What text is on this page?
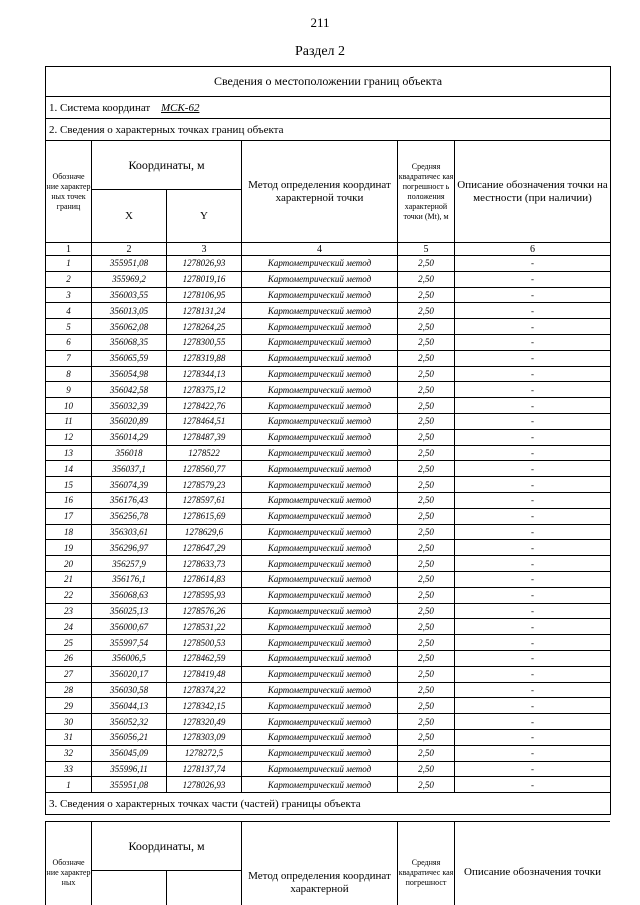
211
Раздел 2
Сведения о местоположении границ объекта					
1. Система координат МСК-62					
2. Сведения о характерных точках границ объекта					
Обозначе ние характер ных точек границ	Координаты, м		Метод определения координат характерной точки	Средняя квадратичес кая погрешност ь положения характерной точки (Mt), м	Описание обозначения точки на местности (при наличии)
	X	Y			
1	2	3	4	5	6
1	355951,08	1278026,93	Картометрический метод	2,50	-
2	355969,2	1278019,16	Картометрический метод	2,50	-
3	356003,55	1278106,95	Картометрический метод	2,50	-
4	356013,05	1278131,24	Картометрический метод	2,50	-
5	356062,08	1278264,25	Картометрический метод	2,50	-
6	356068,35	1278300,55	Картометрический метод	2,50	-
7	356065,59	1278319,88	Картометрический метод	2,50	-
8	356054,98	1278344,13	Картометрический метод	2,50	-
9	356042,58	1278375,12	Картометрический метод	2,50	-
10	356032,39	1278422,76	Картометрический метод	2,50	-
11	356020,89	1278464,51	Картометрический метод	2,50	-
12	356014,29	1278487,39	Картометрический метод	2,50	-
13	356018	1278522	Картометрический метод	2,50	-
14	356037,1	1278560,77	Картометрический метод	2,50	-
15	356074,39	1278579,23	Картометрический метод	2,50	-
16	356176,43	1278597,61	Картометрический метод	2,50	-
17	356256,78	1278615,69	Картометрический метод	2,50	-
18	356303,61	1278629,6	Картометрический метод	2,50	-
19	356296,97	1278647,29	Картометрический метод	2,50	-
20	356257,9	1278633,73	Картометрический метод	2,50	-
21	356176,1	1278614,83	Картометрический метод	2,50	-
22	356068,63	1278595,93	Картометрический метод	2,50	-
23	356025,13	1278576,26	Картометрический метод	2,50	-
24	356000,67	1278531,22	Картометрический метод	2,50	-
25	355997,54	1278500,53	Картометрический метод	2,50	-
26	356006,5	1278462,59	Картометрический метод	2,50	-
27	356020,17	1278419,48	Картометрический метод	2,50	-
28	356030,58	1278374,22	Картометрический метод	2,50	-
29	356044,13	1278342,15	Картометрический метод	2,50	-
30	356052,32	1278320,49	Картометрический метод	2,50	-
31	356056,21	1278303,09	Картометрический метод	2,50	-
32	356045,09	1278272,5	Картометрический метод	2,50	-
33	355996,11	1278137,74	Картометрический метод	2,50	-
1	355951,08	1278026,93	Картометрический метод	2,50	-
3. Сведения о характерных точках части (частей) границы объекта					
Обозначе ние характер ных	Координаты, м		Метод определения координат характерной	Средняя квадратичес кая погрешност	Описание обозначения точки
